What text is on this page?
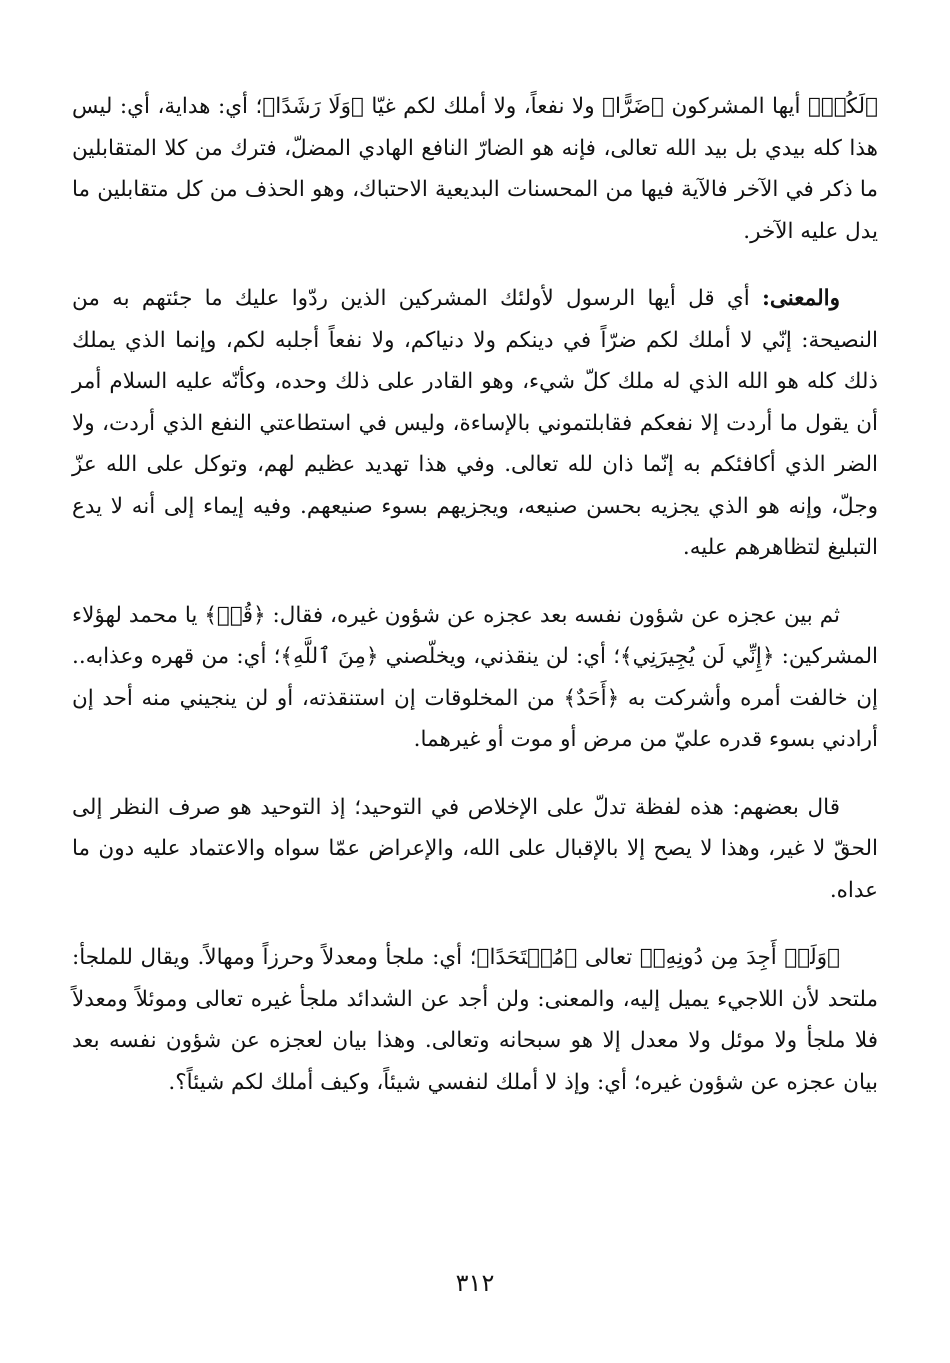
﴿لَكُرۡ﴾ أيها المشركون ﴿ضَرًّا﴾ ولا نفعاً، ولا أملك لكم غيّا ﴿وَلَا رَشَدًا﴾؛ أي: هداية، أي: ليس هذا كله بيدي بل بيد الله تعالى، فإنه هو الضارّ النافع الهادي المضلّ، فترك من كلا المتقابلين ما ذكر في الآخر فالآية فيها من المحسنات البديعية الاحتباك، وهو الحذف من كل متقابلين ما يدل عليه الآخر.

والمعنى: أي قل أيها الرسول لأولئك المشركين الذين ردّوا عليك ما جئتهم به من النصيحة: إنّي لا أملك لكم ضرّاً في دينكم ولا دنياكم، ولا نفعاً أجلبه لكم، وإنما الذي يملك ذلك كله هو الله الذي له ملك كلّ شيء، وهو القادر على ذلك وحده، وكأنّه عليه السلام أمر أن يقول ما أردت إلا نفعكم فقابلتموني بالإساءة، وليس في استطاعتي النفع الذي أردت، ولا الضر الذي أكافئكم به إنّما ذان لله تعالى. وفي هذا تهديد عظيم لهم، وتوكل على الله عزّ وجلّ، وإنه هو الذي يجزيه بحسن صنيعه، ويجزيهم بسوء صنيعهم. وفيه إيماء إلى أنه لا يدع التبليغ لتظاهرهم عليه.

ثم بين عجزه عن شؤون نفسه بعد عجزه عن شؤون غيره، فقال: ﴿قُلۡ﴾ يا محمد لهؤلاء المشركين: ﴿إِنِّي لَن يُجِيرَنِي﴾؛ أي: لن ينقذني، ويخلّصني ﴿مِنَ ٱللَّهِ﴾؛ أي: من قهره وعذابه.. إن خالفت أمره وأشركت به ﴿أَحَدٌ﴾ من المخلوقات إن استنقذته، أو لن ينجيني منه أحد إن أرادني بسوء قدره عليّ من مرض أو موت أو غيرهما.

قال بعضهم: هذه لفظة تدلّ على الإخلاص في التوحيد؛ إذ التوحيد هو صرف النظر إلى الحقّ لا غير، وهذا لا يصح إلا بالإقبال على الله، والإعراض عمّا سواه والاعتماد عليه دون ما عداه.

﴿وَلَنۡ أَجِدَ مِن دُونِهِۦ﴾ تعالى ﴿مُلۡتَحَدًا﴾؛ أي: ملجأ ومعدلاً وحرزاً ومهالاً. ويقال للملجأ: ملتحد لأن اللاجيء يميل إليه، والمعنى: ولن أجد عن الشدائد ملجأ غيره تعالى وموئلاً ومعدلاً فلا ملجأ ولا موئل ولا معدل إلا هو سبحانه وتعالى. وهذا بيان لعجزه عن شؤون نفسه بعد بيان عجزه عن شؤون غيره؛ أي: وإذ لا أملك لنفسي شيئاً، وكيف أملك لكم شيئاً؟.

٣١٢
